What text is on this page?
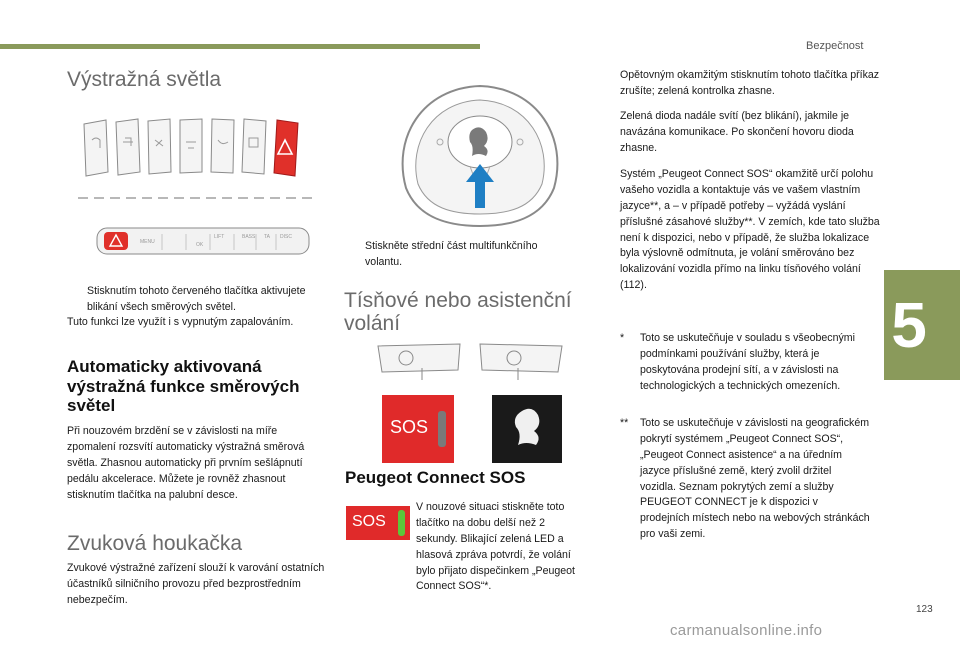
Bezpečnost
5
Výstražná světla
MENU	OK
LIFT	BASS TA DISC
Stisknutím tohoto červeného tlačítka aktivujete blikání všech směrových světel.
Tuto funkci lze využít i s vypnutým zapalováním.
Automaticky aktivovaná výstražná funkce směrových světel
Při nouzovém brzdění se v závislosti na míře zpomalení rozsvítí automaticky výstražná směrová světla. Zhasnou automaticky při prvním sešlápnutí pedálu akcelerace. Můžete je rovněž zhasnout stisknutím tlačítka na palubní desce.
Zvuková houkačka
Zvukové výstražné zařízení slouží k varování ostatních účastníků silničního provozu před bezprostředním nebezpečím.
Stiskněte střední část multifunkčního volantu.
Tísňové nebo asistenční volání
SOS
Peugeot Connect SOS
SOS
V nouzové situaci stiskněte toto tlačítko na dobu delší než 2 sekundy. Blikající zelená LED a hlasová zpráva potvrdí, že volání bylo přijato dispečinkem „Peugeot Connect SOS“*.
Opětovným okamžitým stisknutím tohoto tlačítka příkaz zrušíte; zelená kontrolka zhasne.
Zelená dioda nadále svítí (bez blikání), jakmile je navázána komunikace. Po skončení hovoru dioda zhasne.
Systém „Peugeot Connect SOS“ okamžitě určí polohu vašeho vozidla a kontaktuje vás ve vašem vlastním jazyce**, a – v případě potřeby – vyžádá vyslání příslušné zásahové služby**. V zemích, kde tato služba není k dispozici, nebo v případě, že služba lokalizace byla výslovně odmítnuta, je volání směrováno bez lokalizování vozidla přímo na linku tísňového volání (112).
*	Toto se uskutečňuje v souladu s všeobecnými podmínkami používání služby, která je poskytována prodejní sítí, a v závislosti na technologických a technických omezeních.
**	Toto se uskutečňuje v závislosti na geografickém pokrytí systémem „Peugeot Connect SOS“, „Peugeot Connect asistence“ a na úředním jazyce příslušné země, který zvolil držitel vozidla. Seznam pokrytých zemí a služby PEUGEOT CONNECT je k dispozici v prodejních místech nebo na webových stránkách pro vaši zemi.
123
carmanualsonline.info
